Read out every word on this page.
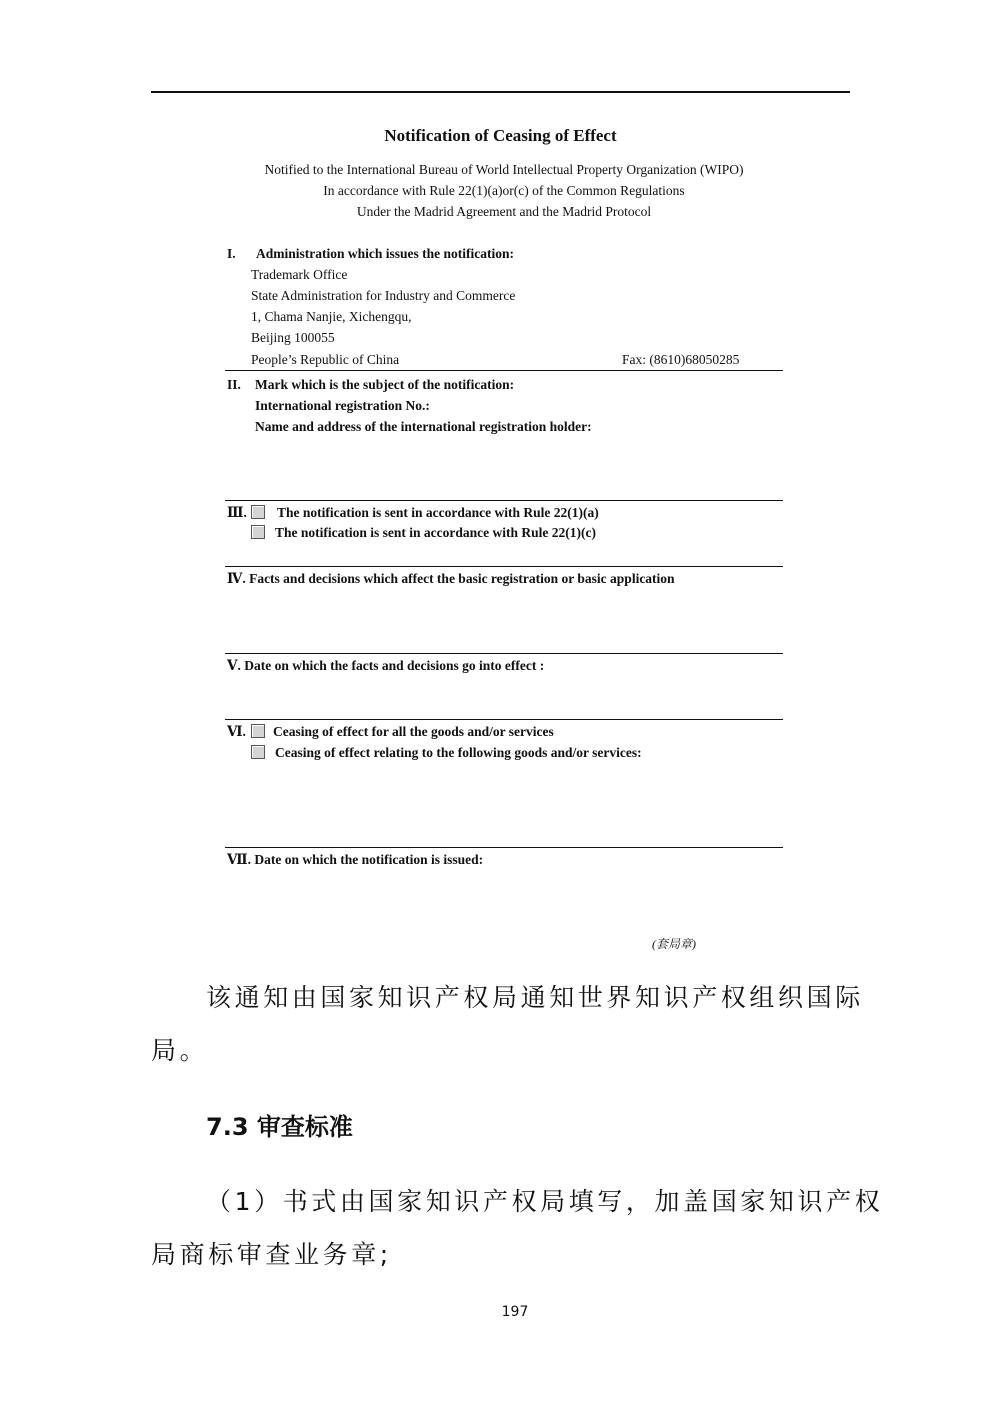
Notification of Ceasing of Effect
Notified to the International Bureau of World Intellectual Property Organization (WIPO)
In accordance with Rule 22(1)(a)or(c) of the Common Regulations
Under the Madrid Agreement and the Madrid Protocol
I. Administration which issues the notification:
Trademark Office
State Administration for Industry and Commerce
1, Chama Nanjie, Xichengqu,
Beijing 100055
People’s Republic of China	Fax: (8610)68050285
II. Mark which is the subject of the notification:
International registration No.:
Name and address of the international registration holder:
Ⅲ. The notification is sent in accordance with Rule 22(1)(a)
The notification is sent in accordance with Rule 22(1)(c)
Ⅳ. Facts and decisions which affect the basic registration or basic application
Ⅴ. Date on which the facts and decisions go into effect :
Ⅵ. Ceasing of effect for all the goods and/or services
Ceasing of effect relating to the following goods and/or services:
Ⅶ. Date on which the notification is issued:
(套局章)
该通知由国家知识产权局通知世界知识产权组织国际
局。
7.3 审查标准
（1）书式由国家知识产权局填写，加盖国家知识产权
局商标审查业务章;
197
